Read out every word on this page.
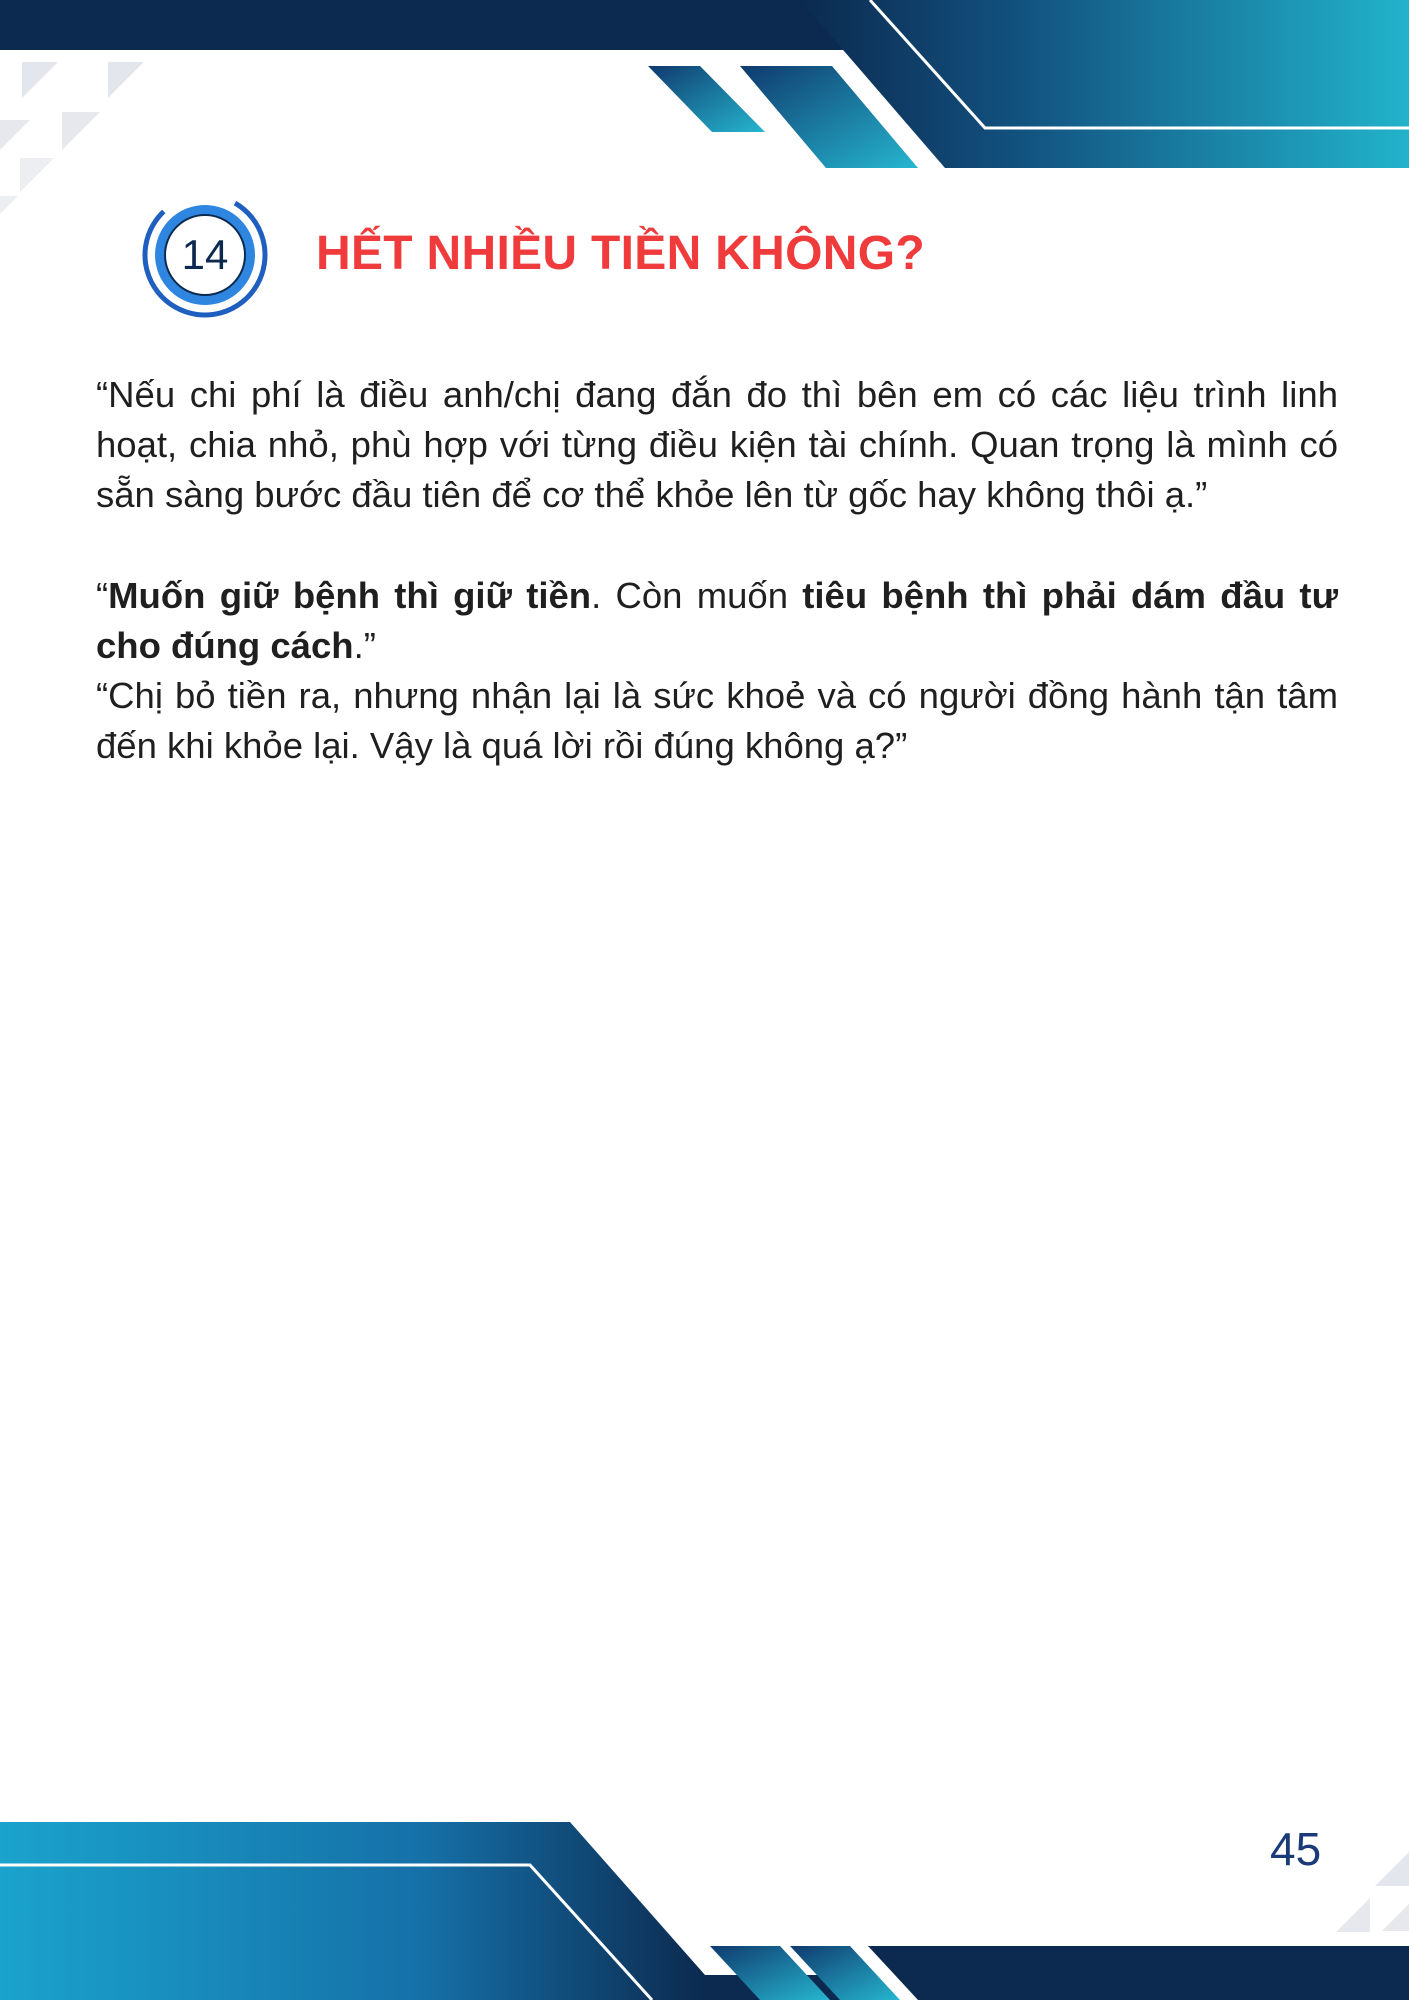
14	HẾT NHIỀU TIỀN KHÔNG?

“Nếu chi phí là điều anh/chị đang đắn đo thì bên em có các liệu trình linh hoạt, chia nhỏ, phù hợp với từng điều kiện tài chính. Quan trọng là mình có sẵn sàng bước đầu tiên để cơ thể khỏe lên từ gốc hay không thôi ạ.”

“Muốn giữ bệnh thì giữ tiền. Còn muốn tiêu bệnh thì phải dám đầu tư cho đúng cách.”
“Chị bỏ tiền ra, nhưng nhận lại là sức khoẻ và có người đồng hành tận tâm đến khi khỏe lại. Vậy là quá lời rồi đúng không ạ?”

45
